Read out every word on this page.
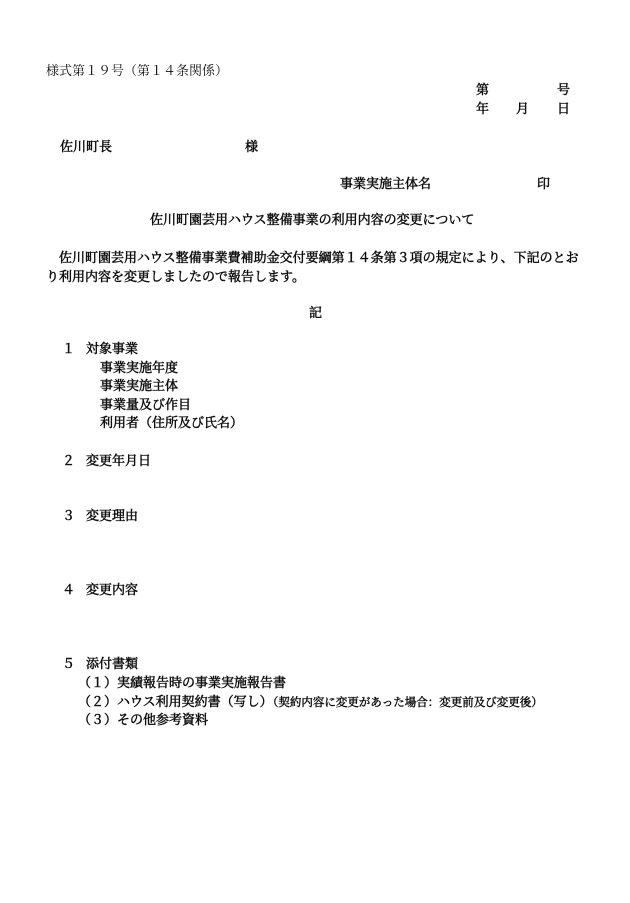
様式第１９号（第１４条関係）
第	号
年 月 日
佐川町長	様
事業実施主体名	印
佐川町園芸用ハウス整備事業の利用内容の変更について
佐川町園芸用ハウス整備事業費補助金交付要綱第１４条第３項の規定により、下記のとおり利用内容を変更しましたので報告します。
記
１ 対象事業
事業実施年度
事業実施主体
事業量及び作目
利用者（住所及び氏名）
２ 変更年月日
３ 変更理由
４ 変更内容
５ 添付書類
（１）実績報告時の事業実施報告書
（２）ハウス利用契約書（写し）（契約内容に変更があった場合：変更前及び変更後）
（３）その他参考資料
